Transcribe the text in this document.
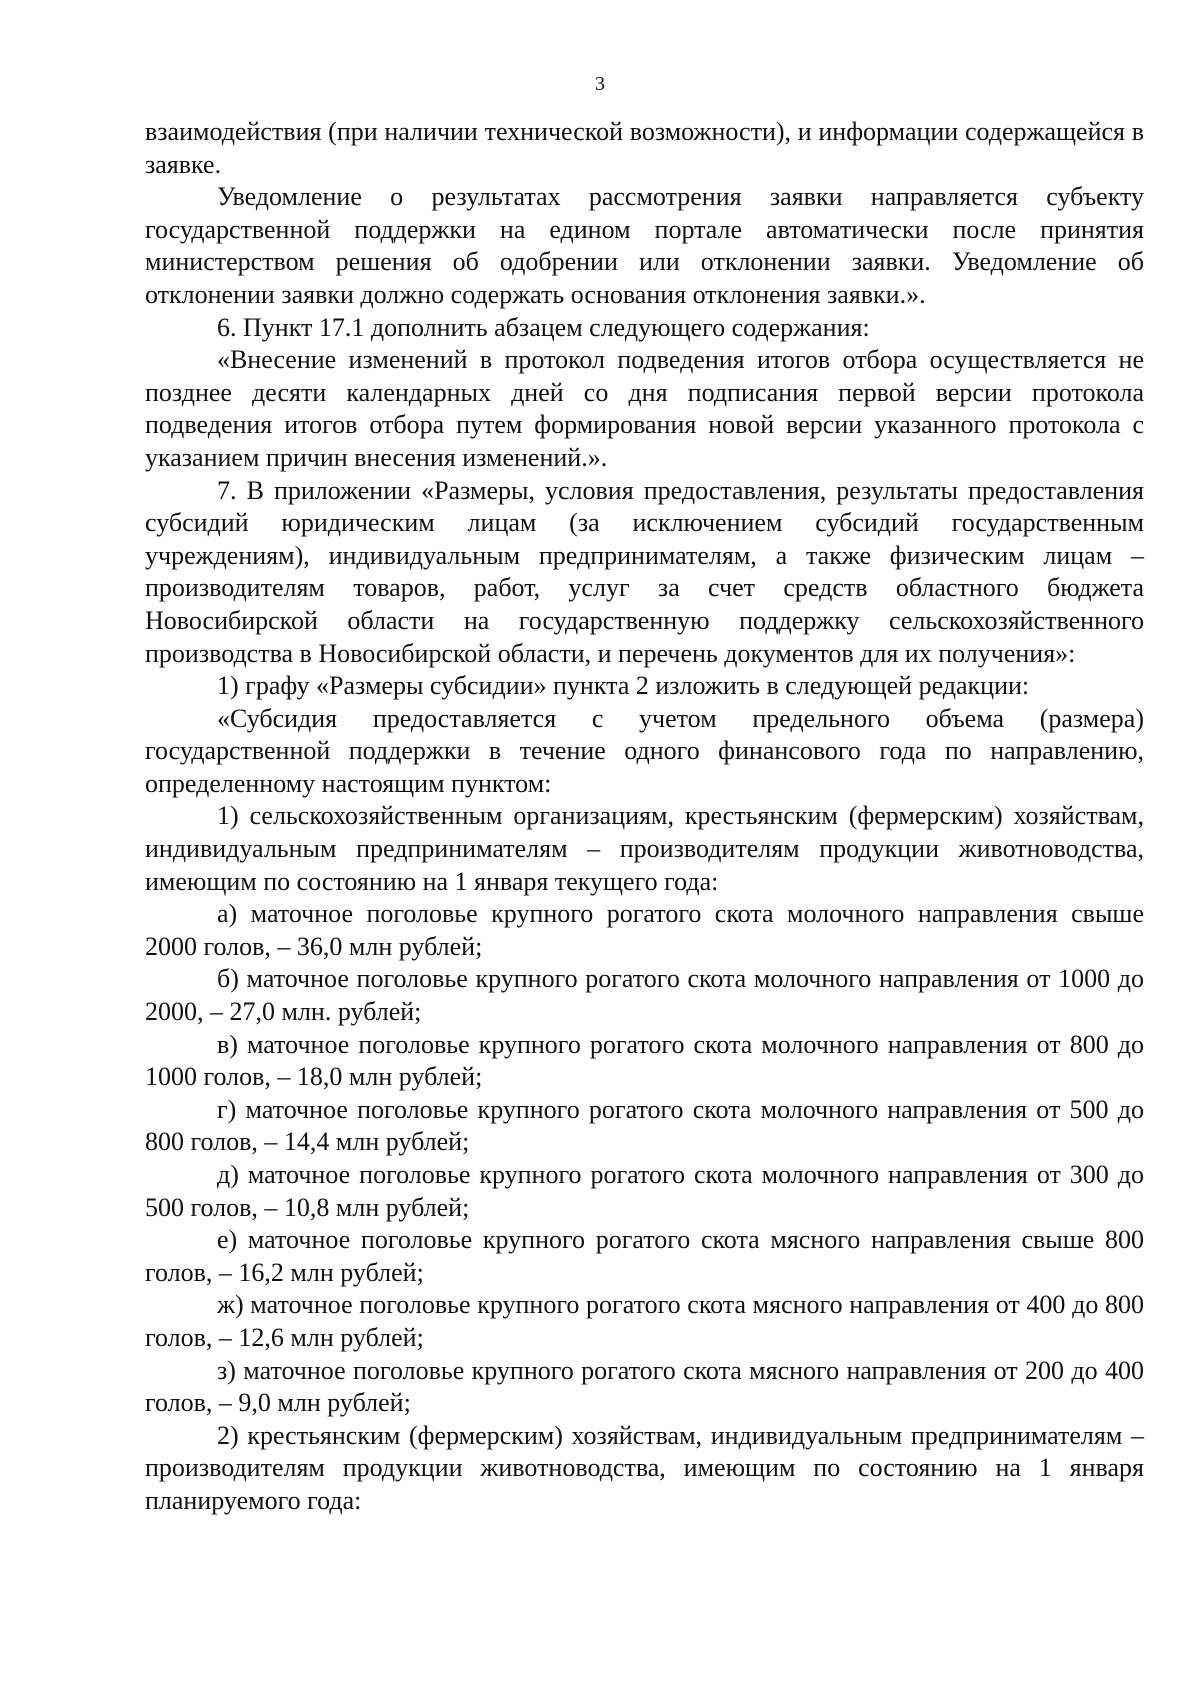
3

взаимодействия (при наличии технической возможности), и информации содержащейся в заявке.

Уведомление о результатах рассмотрения заявки направляется субъекту государственной поддержки на едином портале автоматически после принятия министерством решения об одобрении или отклонении заявки. Уведомление об отклонении заявки должно содержать основания отклонения заявки.».

6. Пункт 17.1 дополнить абзацем следующего содержания:

«Внесение изменений в протокол подведения итогов отбора осуществляется не позднее десяти календарных дней со дня подписания первой версии протокола подведения итогов отбора путем формирования новой версии указанного протокола с указанием причин внесения изменений.».

7. В приложении «Размеры, условия предоставления, результаты предоставления субсидий юридическим лицам (за исключением субсидий государственным учреждениям), индивидуальным предпринимателям, а также физическим лицам – производителям товаров, работ, услуг за счет средств областного бюджета Новосибирской области на государственную поддержку сельскохозяйственного производства в Новосибирской области, и перечень документов для их получения»:

1) графу «Размеры субсидии» пункта 2 изложить в следующей редакции:

«Субсидия предоставляется с учетом предельного объема (размера) государственной поддержки в течение одного финансового года по направлению, определенному настоящим пунктом:

1) сельскохозяйственным организациям, крестьянским (фермерским) хозяйствам, индивидуальным предпринимателям – производителям продукции животноводства, имеющим по состоянию на 1 января текущего года:

а) маточное поголовье крупного рогатого скота молочного направления свыше 2000 голов, – 36,0 млн рублей;

б) маточное поголовье крупного рогатого скота молочного направления от 1000 до 2000, – 27,0 млн. рублей;

в) маточное поголовье крупного рогатого скота молочного направления от 800 до 1000 голов, – 18,0 млн рублей;

г) маточное поголовье крупного рогатого скота молочного направления от 500 до 800 голов, – 14,4 млн рублей;

д) маточное поголовье крупного рогатого скота молочного направления от 300 до 500 голов, – 10,8 млн рублей;

е) маточное поголовье крупного рогатого скота мясного направления свыше 800 голов, – 16,2 млн рублей;

ж) маточное поголовье крупного рогатого скота мясного направления от 400 до 800 голов, – 12,6 млн рублей;

з) маточное поголовье крупного рогатого скота мясного направления от 200 до 400 голов, – 9,0 млн рублей;

2) крестьянским (фермерским) хозяйствам, индивидуальным предпринимателям – производителям продукции животноводства, имеющим по состоянию на 1 января планируемого года:
